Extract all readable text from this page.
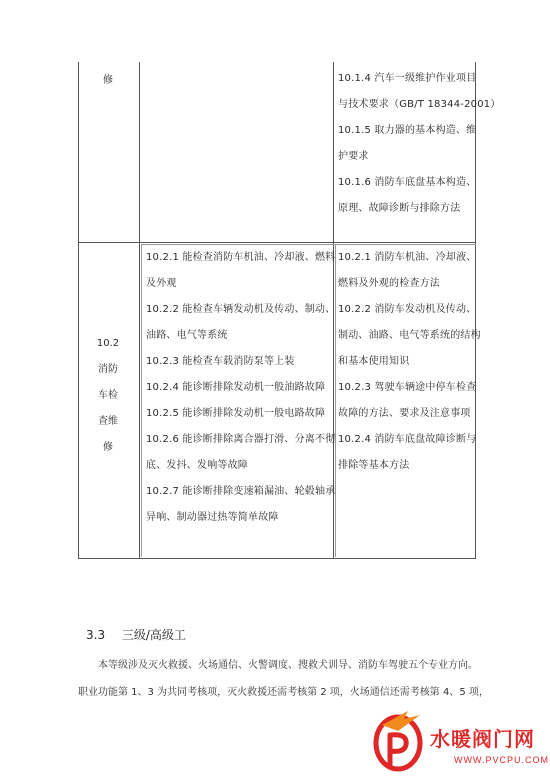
修	10.1.4 汽车一级维护作业项目
与技术要求（GB/T 18344-2001）
10.1.5 取力器的基本构造、维
护要求
10.1.6 消防车底盘基本构造、
原理、故障诊断与排除方法
10.2
消防
车检
查维
修
10.2.1 能检查消防车机油、冷却液、燃料
及外观
10.2.2 能检查车辆发动机及传动、制动、
油路、电气等系统
10.2.3 能检查车载消防泵等上装
10.2.4 能诊断排除发动机一般油路故障
10.2.5 能诊断排除发动机一般电路故障
10.2.6 能诊断排除离合器打滑、分离不彻
底、发抖、发响等故障
10.2.7 能诊断排除变速箱漏油、轮毂轴承
异响、制动器过热等简单故障
10.2.1 消防车机油、冷却液、
燃料及外观的检查方法
10.2.2 消防车发动机及传动、
制动、油路、电气等系统的结构
和基本使用知识
10.2.3 驾驶车辆途中停车检查
故障的方法、要求及注意事项
10.2.4 消防车底盘故障诊断与
排除等基本方法
3.3 三级/高级工
本等级涉及灭火救援、火场通信、火警调度、搜救犬训导、消防车驾驶五个专业方向。
职业功能第 1、3 为共同考核项，灭火救援还需考核第 2 项，火场通信还需考核第 4、5 项，
水暖阀门网
WWW.PVCPU.COM
